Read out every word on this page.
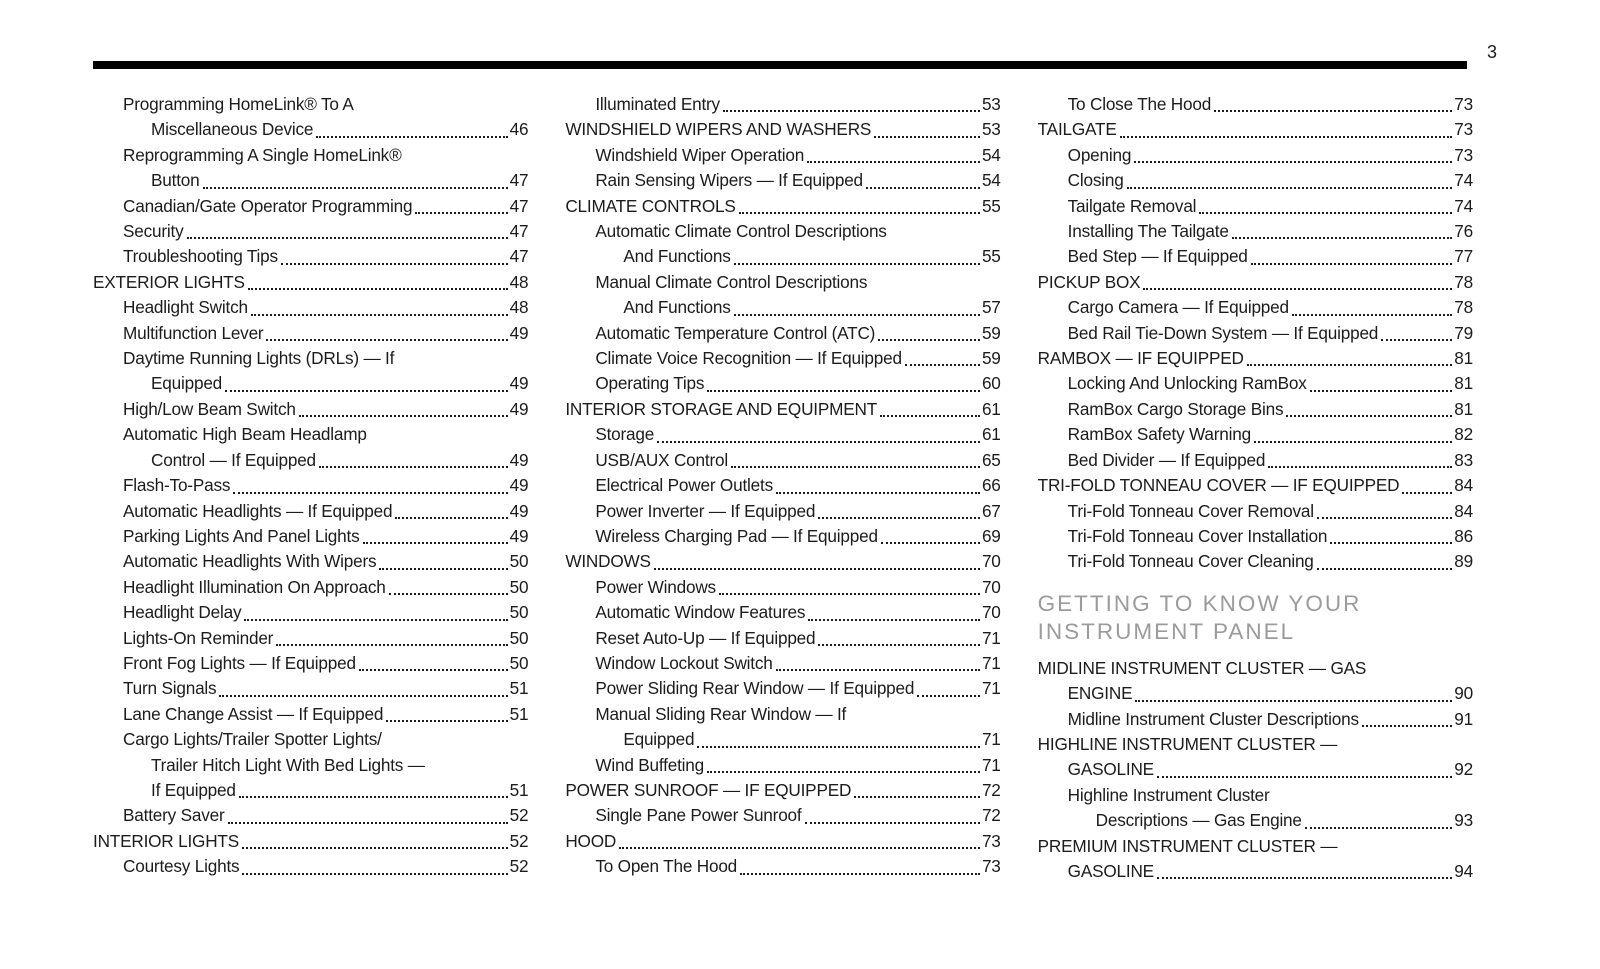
3
Programming HomeLink® To A
Miscellaneous Device	46
Reprogramming A Single HomeLink®
Button	47
Canadian/Gate Operator Programming	47
Security	47
Troubleshooting Tips	47
EXTERIOR LIGHTS	48
Headlight Switch	48
Multifunction Lever	49
Daytime Running Lights (DRLs) — If
Equipped	49
High/Low Beam Switch	49
Automatic High Beam Headlamp
Control — If Equipped	49
Flash-To-Pass	49
Automatic Headlights — If Equipped	49
Parking Lights And Panel Lights	49
Automatic Headlights With Wipers	50
Headlight Illumination On Approach	50
Headlight Delay	50
Lights-On Reminder	50
Front Fog Lights — If Equipped	50
Turn Signals	51
Lane Change Assist — If Equipped	51
Cargo Lights/Trailer Spotter Lights/
Trailer Hitch Light With Bed Lights —
If Equipped	51
Battery Saver	52
INTERIOR LIGHTS	52
Courtesy Lights	52
Illuminated Entry	53
WINDSHIELD WIPERS AND WASHERS	53
Windshield Wiper Operation	54
Rain Sensing Wipers — If Equipped	54
CLIMATE CONTROLS	55
Automatic Climate Control Descriptions
And Functions	55
Manual Climate Control Descriptions
And Functions	57
Automatic Temperature Control (ATC)	59
Climate Voice Recognition — If Equipped	59
Operating Tips	60
INTERIOR STORAGE AND EQUIPMENT	61
Storage	61
USB/AUX Control	65
Electrical Power Outlets	66
Power Inverter — If Equipped	67
Wireless Charging Pad — If Equipped	69
WINDOWS	70
Power Windows	70
Automatic Window Features	70
Reset Auto-Up — If Equipped	71
Window Lockout Switch	71
Power Sliding Rear Window — If Equipped	71
Manual Sliding Rear Window — If
Equipped	71
Wind Buffeting	71
POWER SUNROOF — IF EQUIPPED	72
Single Pane Power Sunroof	72
HOOD	73
To Open The Hood	73
To Close The Hood	73
TAILGATE	73
Opening	73
Closing	74
Tailgate Removal	74
Installing The Tailgate	76
Bed Step — If Equipped	77
PICKUP BOX	78
Cargo Camera — If Equipped	78
Bed Rail Tie-Down System — If Equipped	79
RAMBOX — IF EQUIPPED	81
Locking And Unlocking RamBox	81
RamBox Cargo Storage Bins	81
RamBox Safety Warning	82
Bed Divider — If Equipped	83
TRI-FOLD TONNEAU COVER — IF EQUIPPED	84
Tri-Fold Tonneau Cover Removal	84
Tri-Fold Tonneau Cover Installation	86
Tri-Fold Tonneau Cover Cleaning	89
GETTING TO KNOW YOUR
INSTRUMENT PANEL
MIDLINE INSTRUMENT CLUSTER — GAS
ENGINE	90
Midline Instrument Cluster Descriptions	91
HIGHLINE INSTRUMENT CLUSTER —
GASOLINE	92
Highline Instrument Cluster
Descriptions — Gas Engine	93
PREMIUM INSTRUMENT CLUSTER —
GASOLINE	94
